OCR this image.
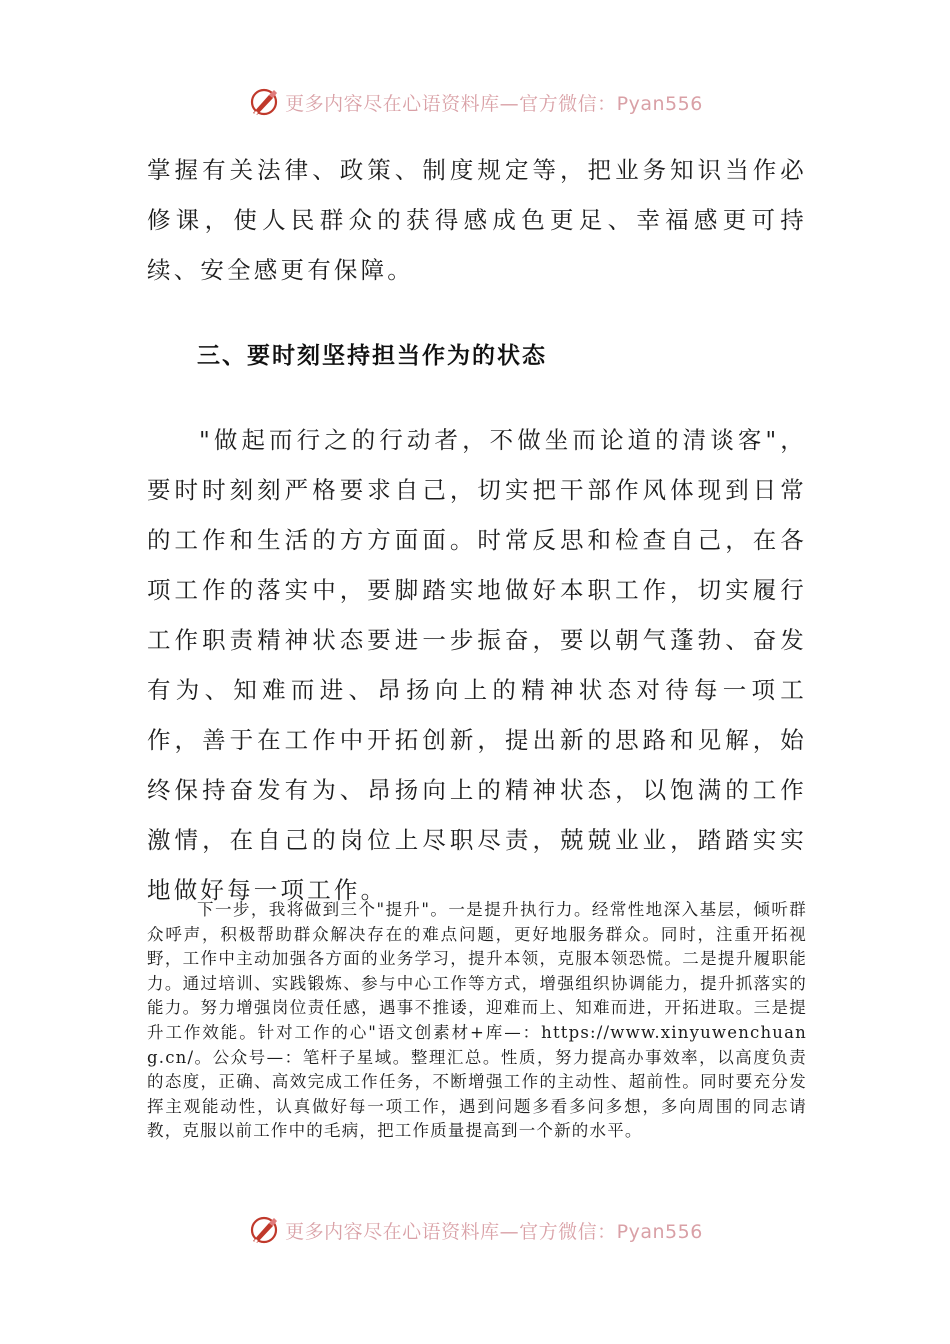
更多内容尽在心语资料库—官方微信：Pyan556

掌握有关法律、政策、制度规定等，把业务知识当作必修课，使人民群众的获得感成色更足、幸福感更可持续、安全感更有保障。

三、要时刻坚持担当作为的状态

"做起而行之的行动者，不做坐而论道的清谈客"，要时时刻刻严格要求自己，切实把干部作风体现到日常的工作和生活的方方面面。时常反思和检查自己，在各项工作的落实中，要脚踏实地做好本职工作，切实履行工作职责精神状态要进一步振奋，要以朝气蓬勃、奋发有为、知难而进、昂扬向上的精神状态对待每一项工作，善于在工作中开拓创新，提出新的思路和见解，始终保持奋发有为、昂扬向上的精神状态，以饱满的工作激情，在自己的岗位上尽职尽责，兢兢业业，踏踏实实地做好每一项工作。

下一步，我将做到三个"提升"。一是提升执行力。经常性地深入基层，倾听群众呼声，积极帮助群众解决存在的难点问题，更好地服务群众。同时，注重开拓视野，工作中主动加强各方面的业务学习，提升本领，克服本领恐慌。二是提升履职能力。通过培训、实践锻炼、参与中心工作等方式，增强组织协调能力，提升抓落实的能力。努力增强岗位责任感，遇事不推诿，迎难而上、知难而进，开拓进取。三是提升工作效能。针对工作的心"语文创素材+库—：https://www.xinyuwenchuang.cn/。公众号—：笔杆子星域。整理汇总。性质，努力提高办事效率，以高度负责的态度，正确、高效完成工作任务，不断增强工作的主动性、超前性。同时要充分发挥主观能动性，认真做好每一项工作，遇到问题多看多问多想，多向周围的同志请教，克服以前工作中的毛病，把工作质量提高到一个新的水平。

更多内容尽在心语资料库—官方微信：Pyan556
